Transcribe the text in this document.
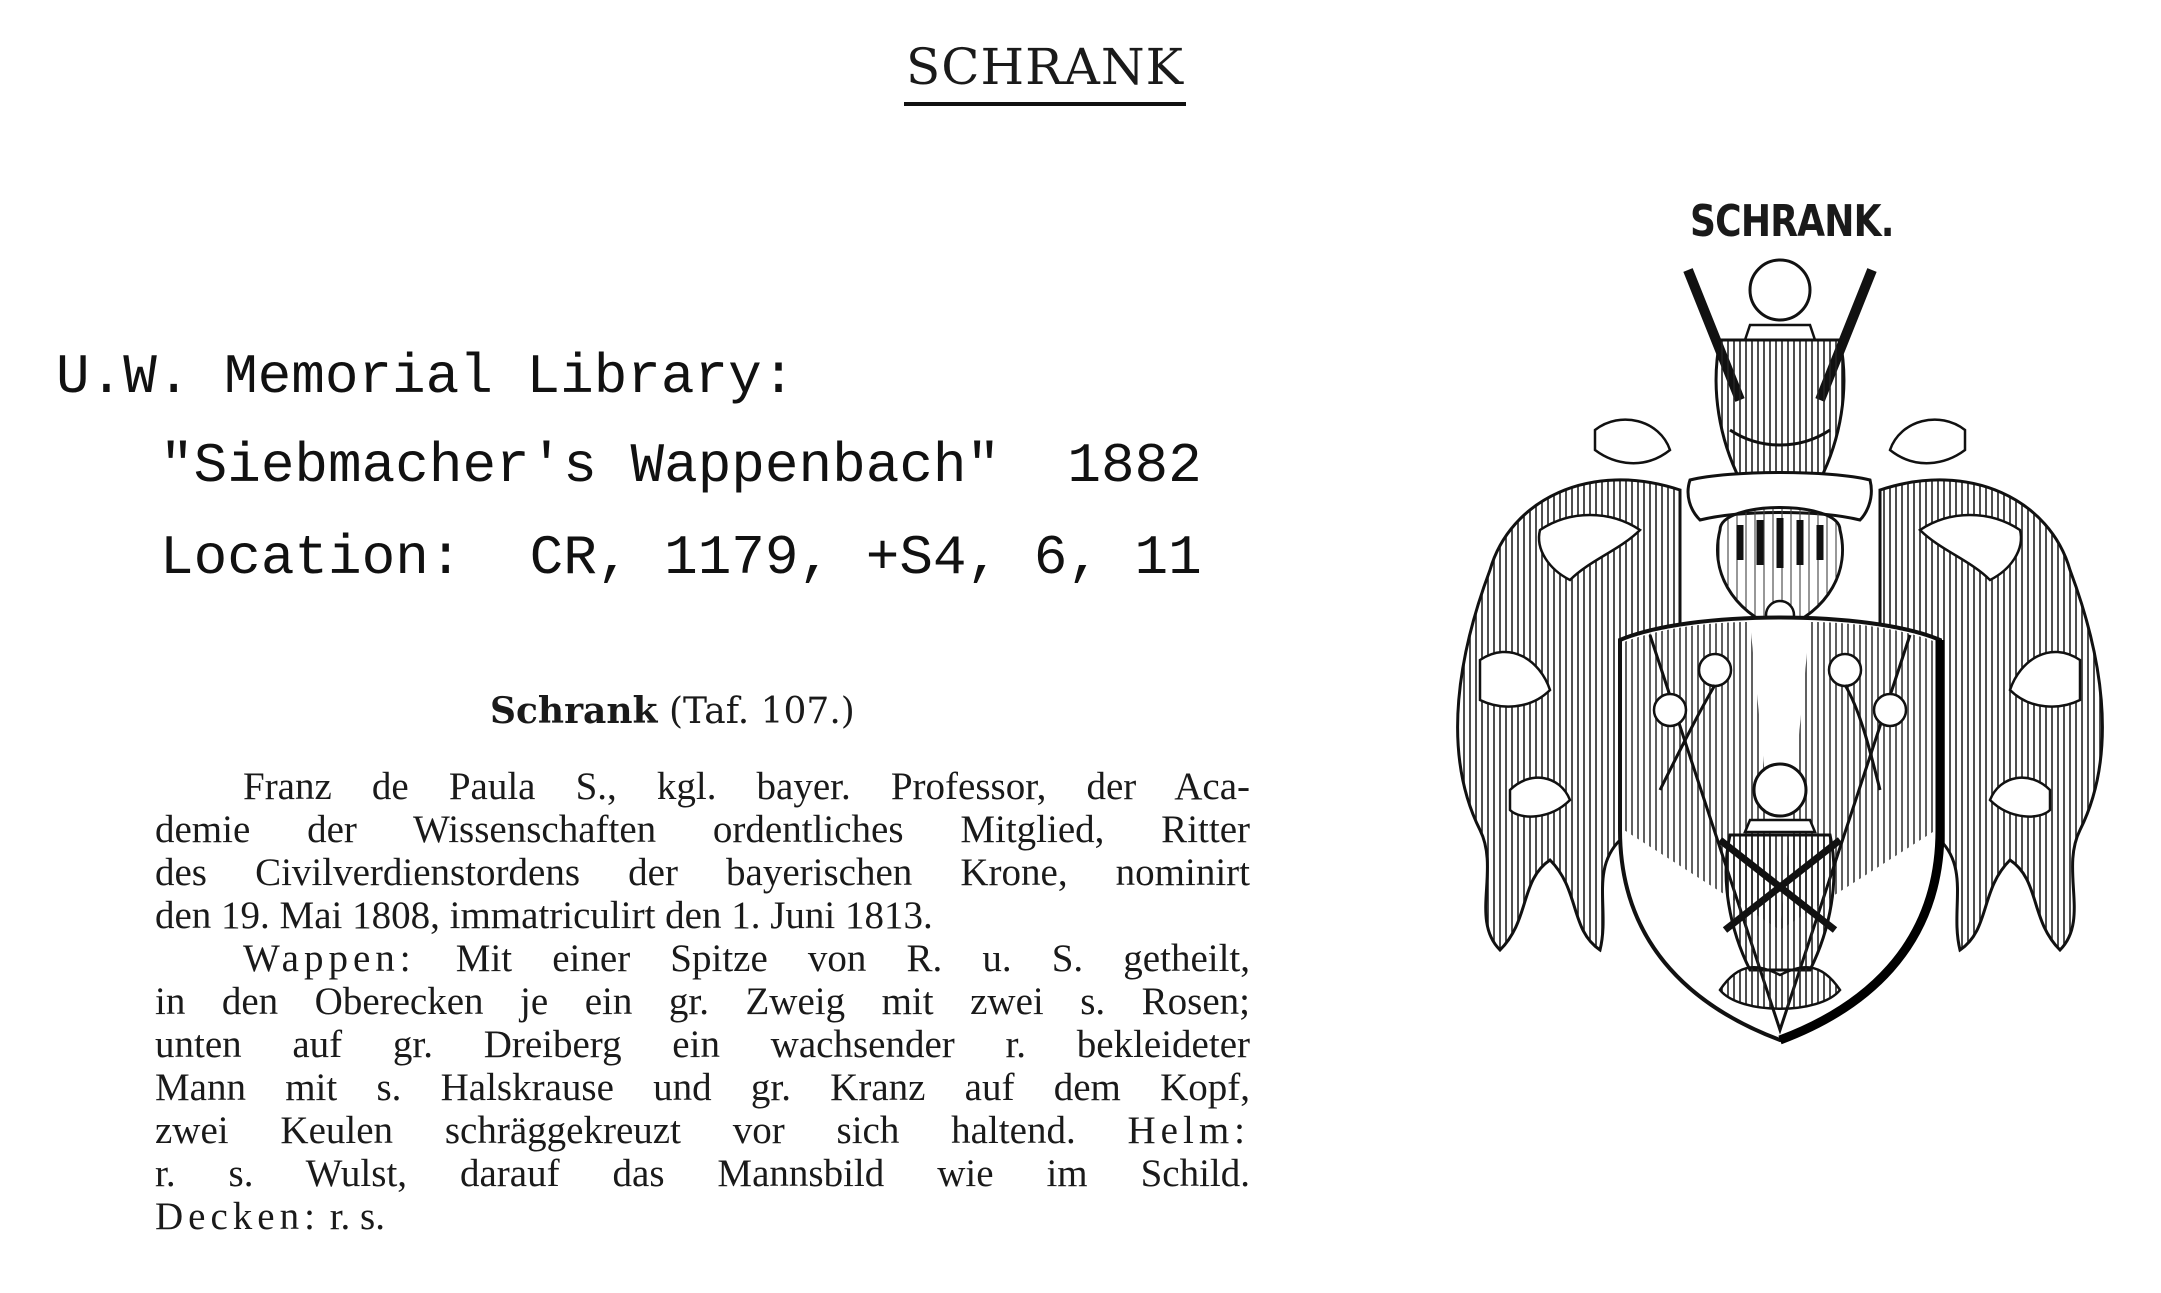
SCHRANK
U.W. Memorial Library:
"Siebmacher's Wappenbach"  1882
Location:  CR, 1179, +S4, 6, 11
Schrank (Taf. 107.)
Franz de Paula S., kgl. bayer. Professor, der Aca-
demie der Wissenschaften ordentliches Mitglied, Ritter
des Civilverdienstordens der bayerischen Krone, nominirt
den 19. Mai 1808, immatriculirt den 1. Juni 1813.
Wappen: Mit einer Spitze von R. u. S. getheilt,
in den Oberecken je ein gr. Zweig mit zwei s. Rosen;
unten auf gr. Dreiberg ein wachsender r. bekleideter
Mann mit s. Halskrause und gr. Kranz auf dem Kopf,
zwei Keulen schräggekreuzt vor sich haltend. Helm:
r. s. Wulst, darauf das Mannsbild wie im Schild.
Decken: r. s.
SCHRANK.
